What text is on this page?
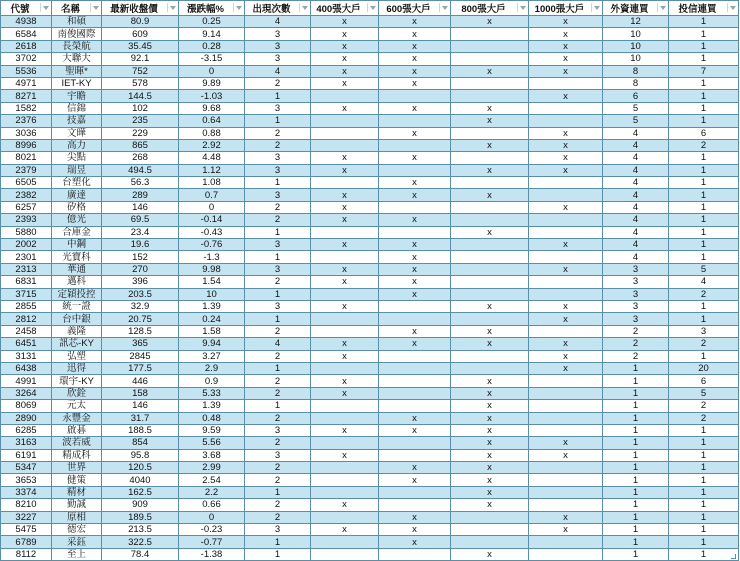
代號	名稱	最新收盤價	漲跌幅%	出現次數	400張大戶	600張大戶	800張大戶	1000張大戶	外資連買	投信連買

4938	和碩	80.9	0.25	4	x	x	x	x	12	1
6584	南俊國際	609	9.14	3	x	x		x	10	1
2618	長榮航	35.45	0.28	3	x	x		x	10	1
3702	大聯大	92.1	-3.15	3	x	x		x	10	1
5536	聖暉*	752	0	4	x	x	x	x	8	7
4971	IET-KY	578	9.89	2	x	x			8	1
8271	宇瞻	144.5	-1.03	1				x	6	1
1582	信錦	102	9.68	3	x	x	x		5	1
2376	技嘉	235	0.64	1			x		5	1
3036	文曄	229	0.88	2		x		x	4	6
8996	高力	865	2.92	2			x	x	4	2
8021	尖點	268	4.48	3	x	x		x	4	1
2379	瑞昱	494.5	1.12	3	x		x	x	4	1
6505	台塑化	56.3	1.08	1		x			4	1
2382	廣達	289	0.7	3	x	x	x		4	1
6257	矽格	146	0	2	x			x	4	1
2393	億光	69.5	-0.14	2	x	x			4	1
5880	合庫金	23.4	-0.43	1			x		4	1
2002	中鋼	19.6	-0.76	3	x	x		x	4	1
2301	光寶科	152	-1.3	1		x			4	1
2313	華通	270	9.98	3	x	x		x	3	5
6831	邁科	396	1.54	2	x	x			3	4
3715	定穎投控	203.5	10	1		x			3	2
2855	統一證	32.9	1.39	3	x		x	x	3	1
2812	台中銀	20.75	0.24	1				x	3	1
2458	義隆	128.5	1.58	2		x	x		2	3
6451	訊芯-KY	365	9.94	4	x	x	x	x	2	2
3131	弘塑	2845	3.27	2	x			x	2	1
6438	迅得	177.5	2.9	1				x	1	20
4991	環宇-KY	446	0.9	2	x		x		1	6
3264	欣銓	158	5.33	2	x		x		1	5
8069	元太	146	1.39	1			x		1	2
2890	永豐金	31.7	0.48	2		x	x		1	2
6285	啟碁	188.5	9.59	3	x	x	x		1	1
3163	波若威	854	5.56	2			x	x	1	1
6191	精成科	95.8	3.68	3	x		x	x	1	1
5347	世界	120.5	2.99	2		x	x		1	1
3653	健策	4040	2.54	2		x	x		1	1
3374	精材	162.5	2.2	1			x		1	1
8210	勤誠	909	0.66	2	x		x		1	1
3227	原相	189.5	0	2		x		x	1	1
5475	德宏	213.5	-0.23	3	x	x		x	1	1
6789	采鈺	322.5	-0.77	1		x			1	1
8112	至上	78.4	-1.38	1			x		1	1
